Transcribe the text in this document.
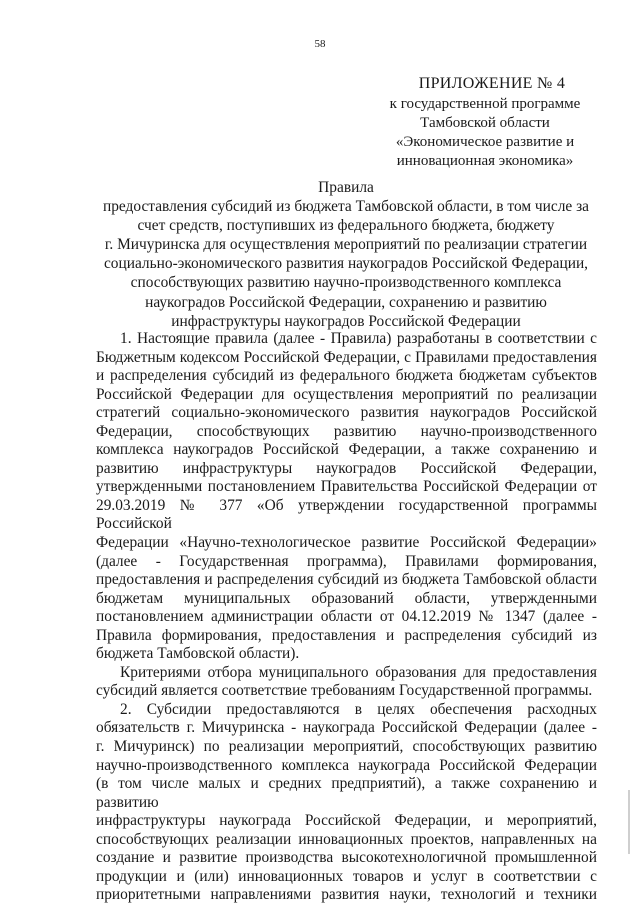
58
ПРИЛОЖЕНИЕ № 4
к государственной программе
Тамбовской области
«Экономическое развитие и
инновационная экономика»
Правила
предоставления субсидий из бюджета Тамбовской области, в том числе за
счет средств, поступивших из федерального бюджета, бюджету
г. Мичуринска для осуществления мероприятий по реализации стратегии
социально-экономического развития наукоградов Российской Федерации,
способствующих развитию научно-производственного комплекса
наукоградов Российской Федерации, сохранению и развитию
инфраструктуры наукоградов Российской Федерации

1. Настоящие правила (далее - Правила) разработаны в соответствии с

Бюджетным кодексом Российской Федерации, с Правилами предоставления

и распределения субсидий из федерального бюджета бюджетам субъектов

Российской Федерации для осуществления мероприятий по реализации

стратегий социально-экономического развития наукоградов Российской

Федерации, способствующих развитию научно-производственного

комплекса наукоградов Российской Федерации, а также сохранению и

развитию инфраструктуры наукоградов Российской Федерации,

утвержденными постановлением Правительства Российской Федерации от

29.03.2019 № 377 «Об утверждении государственной программы Российской

Федерации «Научно-технологическое развитие Российской Федерации»

(далее - Государственная программа), Правилами формирования,

предоставления и распределения субсидий из бюджета Тамбовской области

бюджетам муниципальных образований области, утвержденными

постановлением администрации области от 04.12.2019 № 1347 (далее -

Правила формирования, предоставления и распределения субсидий из

бюджета Тамбовской области).

Критериями отбора муниципального образования для предоставления

субсидий является соответствие требованиям Государственной программы.

2. Субсидии предоставляются в целях обеспечения расходных

обязательств г. Мичуринска - наукограда Российской Федерации (далее -

г. Мичуринск) по реализации мероприятий, способствующих развитию

научно-производственного комплекса наукограда Российской Федерации

(в том числе малых и средних предприятий), а также сохранению и развитию

инфраструктуры наукограда Российской Федерации, и мероприятий,

способствующих реализации инновационных проектов, направленных на

создание и развитие производства высокотехнологичной промышленной

продукции и (или) инновационных товаров и услуг в соответствии с

приоритетными направлениями развития науки, технологий и техники
